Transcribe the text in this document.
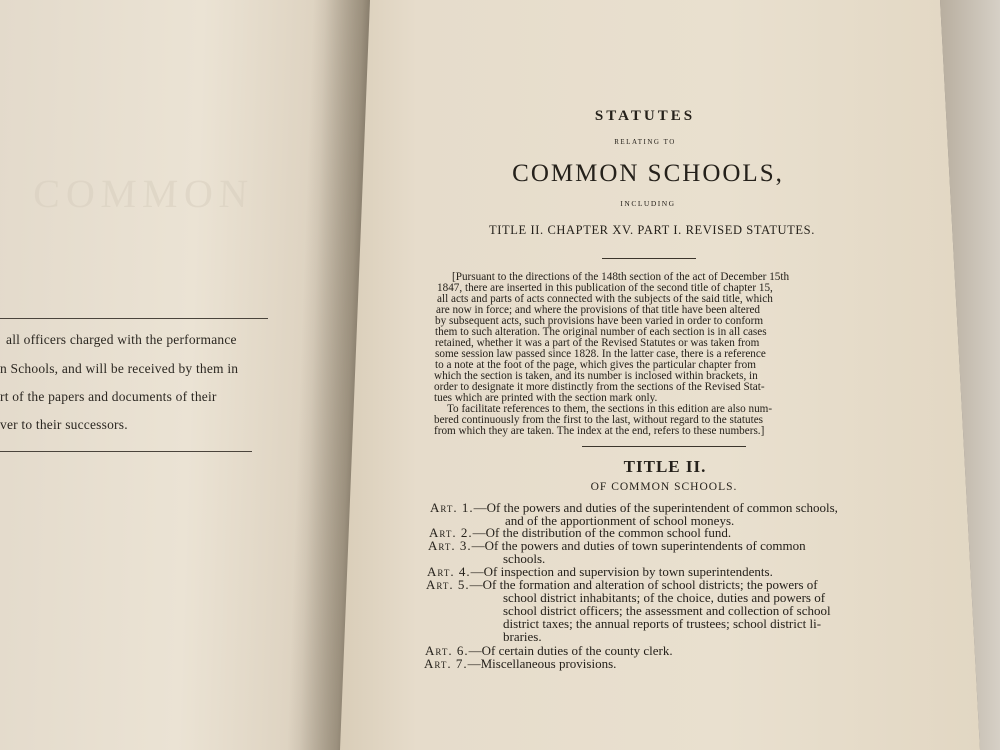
COMMON
all officers charged with the performance
n Schools, and will be received by them in
rt of the papers and documents of their
ver to their successors.
STATUTES
RELATING TO
COMMON SCHOOLS,
INCLUDING
TITLE II. CHAPTER XV. PART I. REVISED STATUTES.
[Pursuant to the directions of the 148th section of the act of December 15th
1847, there are inserted in this publication of the second title of chapter 15,
all acts and parts of acts connected with the subjects of the said title, which
are now in force; and where the provisions of that title have been altered
by subsequent acts, such provisions have been varied in order to conform
them to such alteration. The original number of each section is in all cases
retained, whether it was a part of the Revised Statutes or was taken from
some session law passed since 1828. In the latter case, there is a reference
to a note at the foot of the page, which gives the particular chapter from
which the section is taken, and its number is inclosed within brackets, in
order to designate it more distinctly from the sections of the Revised Stat-
tues which are printed with the section mark only.
To facilitate references to them, the sections in this edition are also num-
bered continuously from the first to the last, without regard to the statutes
from which they are taken. The index at the end, refers to these numbers.]
TITLE II.
OF COMMON SCHOOLS.
Art. 1.—Of the powers and duties of the superintendent of common schools,
and of the apportionment of school moneys.
Art. 2.—Of the distribution of the common school fund.
Art. 3.—Of the powers and duties of town superintendents of common
schools.
Art. 4.—Of inspection and supervision by town superintendents.
Art. 5.—Of the formation and alteration of school districts; the powers of
school district inhabitants; of the choice, duties and powers of
school district officers; the assessment and collection of school
district taxes; the annual reports of trustees; school district li-
braries.
Art. 6.—Of certain duties of the county clerk.
Art. 7.—Miscellaneous provisions.
